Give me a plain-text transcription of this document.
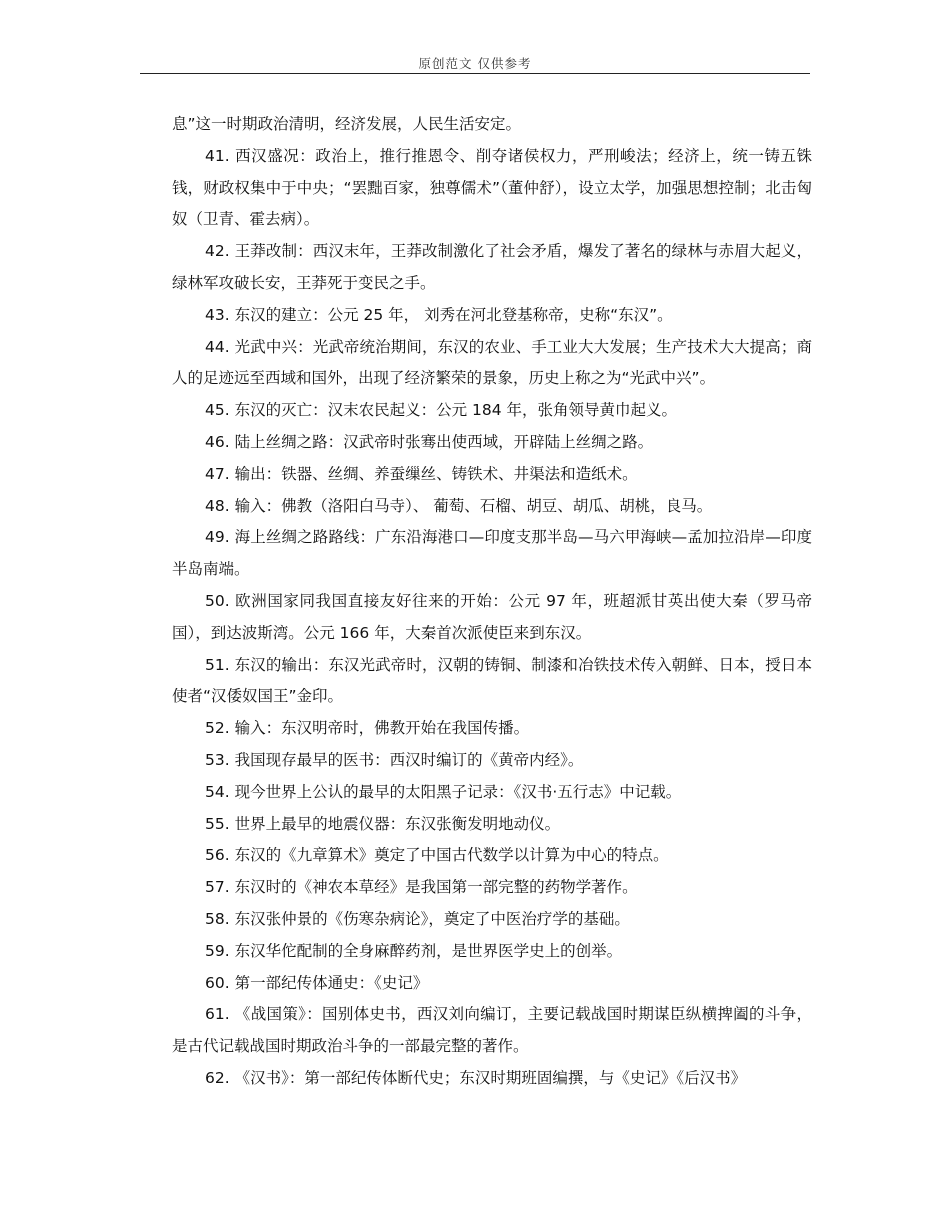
原创范文 仅供参考

息”这一时期政治清明，经济发展，人民生活安定。

41. 西汉盛况：政治上，推行推恩令、削夺诸侯权力，严刑峻法；经济上，统一铸五铢钱，财政权集中于中央；“罢黜百家，独尊儒术”（董仲舒），设立太学，加强思想控制；北击匈奴（卫青、霍去病）。

42. 王莽改制：西汉末年，王莽改制激化了社会矛盾，爆发了著名的绿林与赤眉大起义，绿林军攻破长安，王莽死于变民之手。

43. 东汉的建立：公元 25 年， 刘秀在河北登基称帝，史称“东汉”。

44. 光武中兴：光武帝统治期间，东汉的农业、手工业大大发展；生产技术大大提高；商人的足迹远至西域和国外，出现了经济繁荣的景象，历史上称之为“光武中兴”。

45. 东汉的灭亡：汉末农民起义：公元 184 年，张角领导黄巾起义。

46. 陆上丝绸之路：汉武帝时张骞出使西域，开辟陆上丝绸之路。

47. 输出：铁器、丝绸、养蚕缫丝、铸铁术、井渠法和造纸术。

48. 输入：佛教（洛阳白马寺）、 葡萄、石榴、胡豆、胡瓜、胡桃，良马。

49. 海上丝绸之路路线：广东沿海港口—印度支那半岛—马六甲海峡—孟加拉沿岸—印度半岛南端。

50. 欧洲国家同我国直接友好往来的开始：公元 97 年，班超派甘英出使大秦（罗马帝国），到达波斯湾。公元 166 年，大秦首次派使臣来到东汉。

51. 东汉的输出：东汉光武帝时，汉朝的铸铜、制漆和冶铁技术传入朝鲜、日本，授日本使者“汉倭奴国王”金印。

52. 输入：东汉明帝时，佛教开始在我国传播。

53. 我国现存最早的医书：西汉时编订的《黄帝内经》。

54. 现今世界上公认的最早的太阳黑子记录：《汉书·五行志》中记载。

55. 世界上最早的地震仪器：东汉张衡发明地动仪。

56. 东汉的《九章算术》奠定了中国古代数学以计算为中心的特点。

57. 东汉时的《神农本草经》是我国第一部完整的药物学著作。

58. 东汉张仲景的《伤寒杂病论》，奠定了中医治疗学的基础。

59. 东汉华佗配制的全身麻醉药剂，是世界医学史上的创举。

60. 第一部纪传体通史：《史记》

61. 《战国策》：国别体史书，西汉刘向编订，主要记载战国时期谋臣纵横捭阖的斗争，是古代记载战国时期政治斗争的一部最完整的著作。

62. 《汉书》：第一部纪传体断代史；东汉时期班固编撰，与《史记》《后汉书》
